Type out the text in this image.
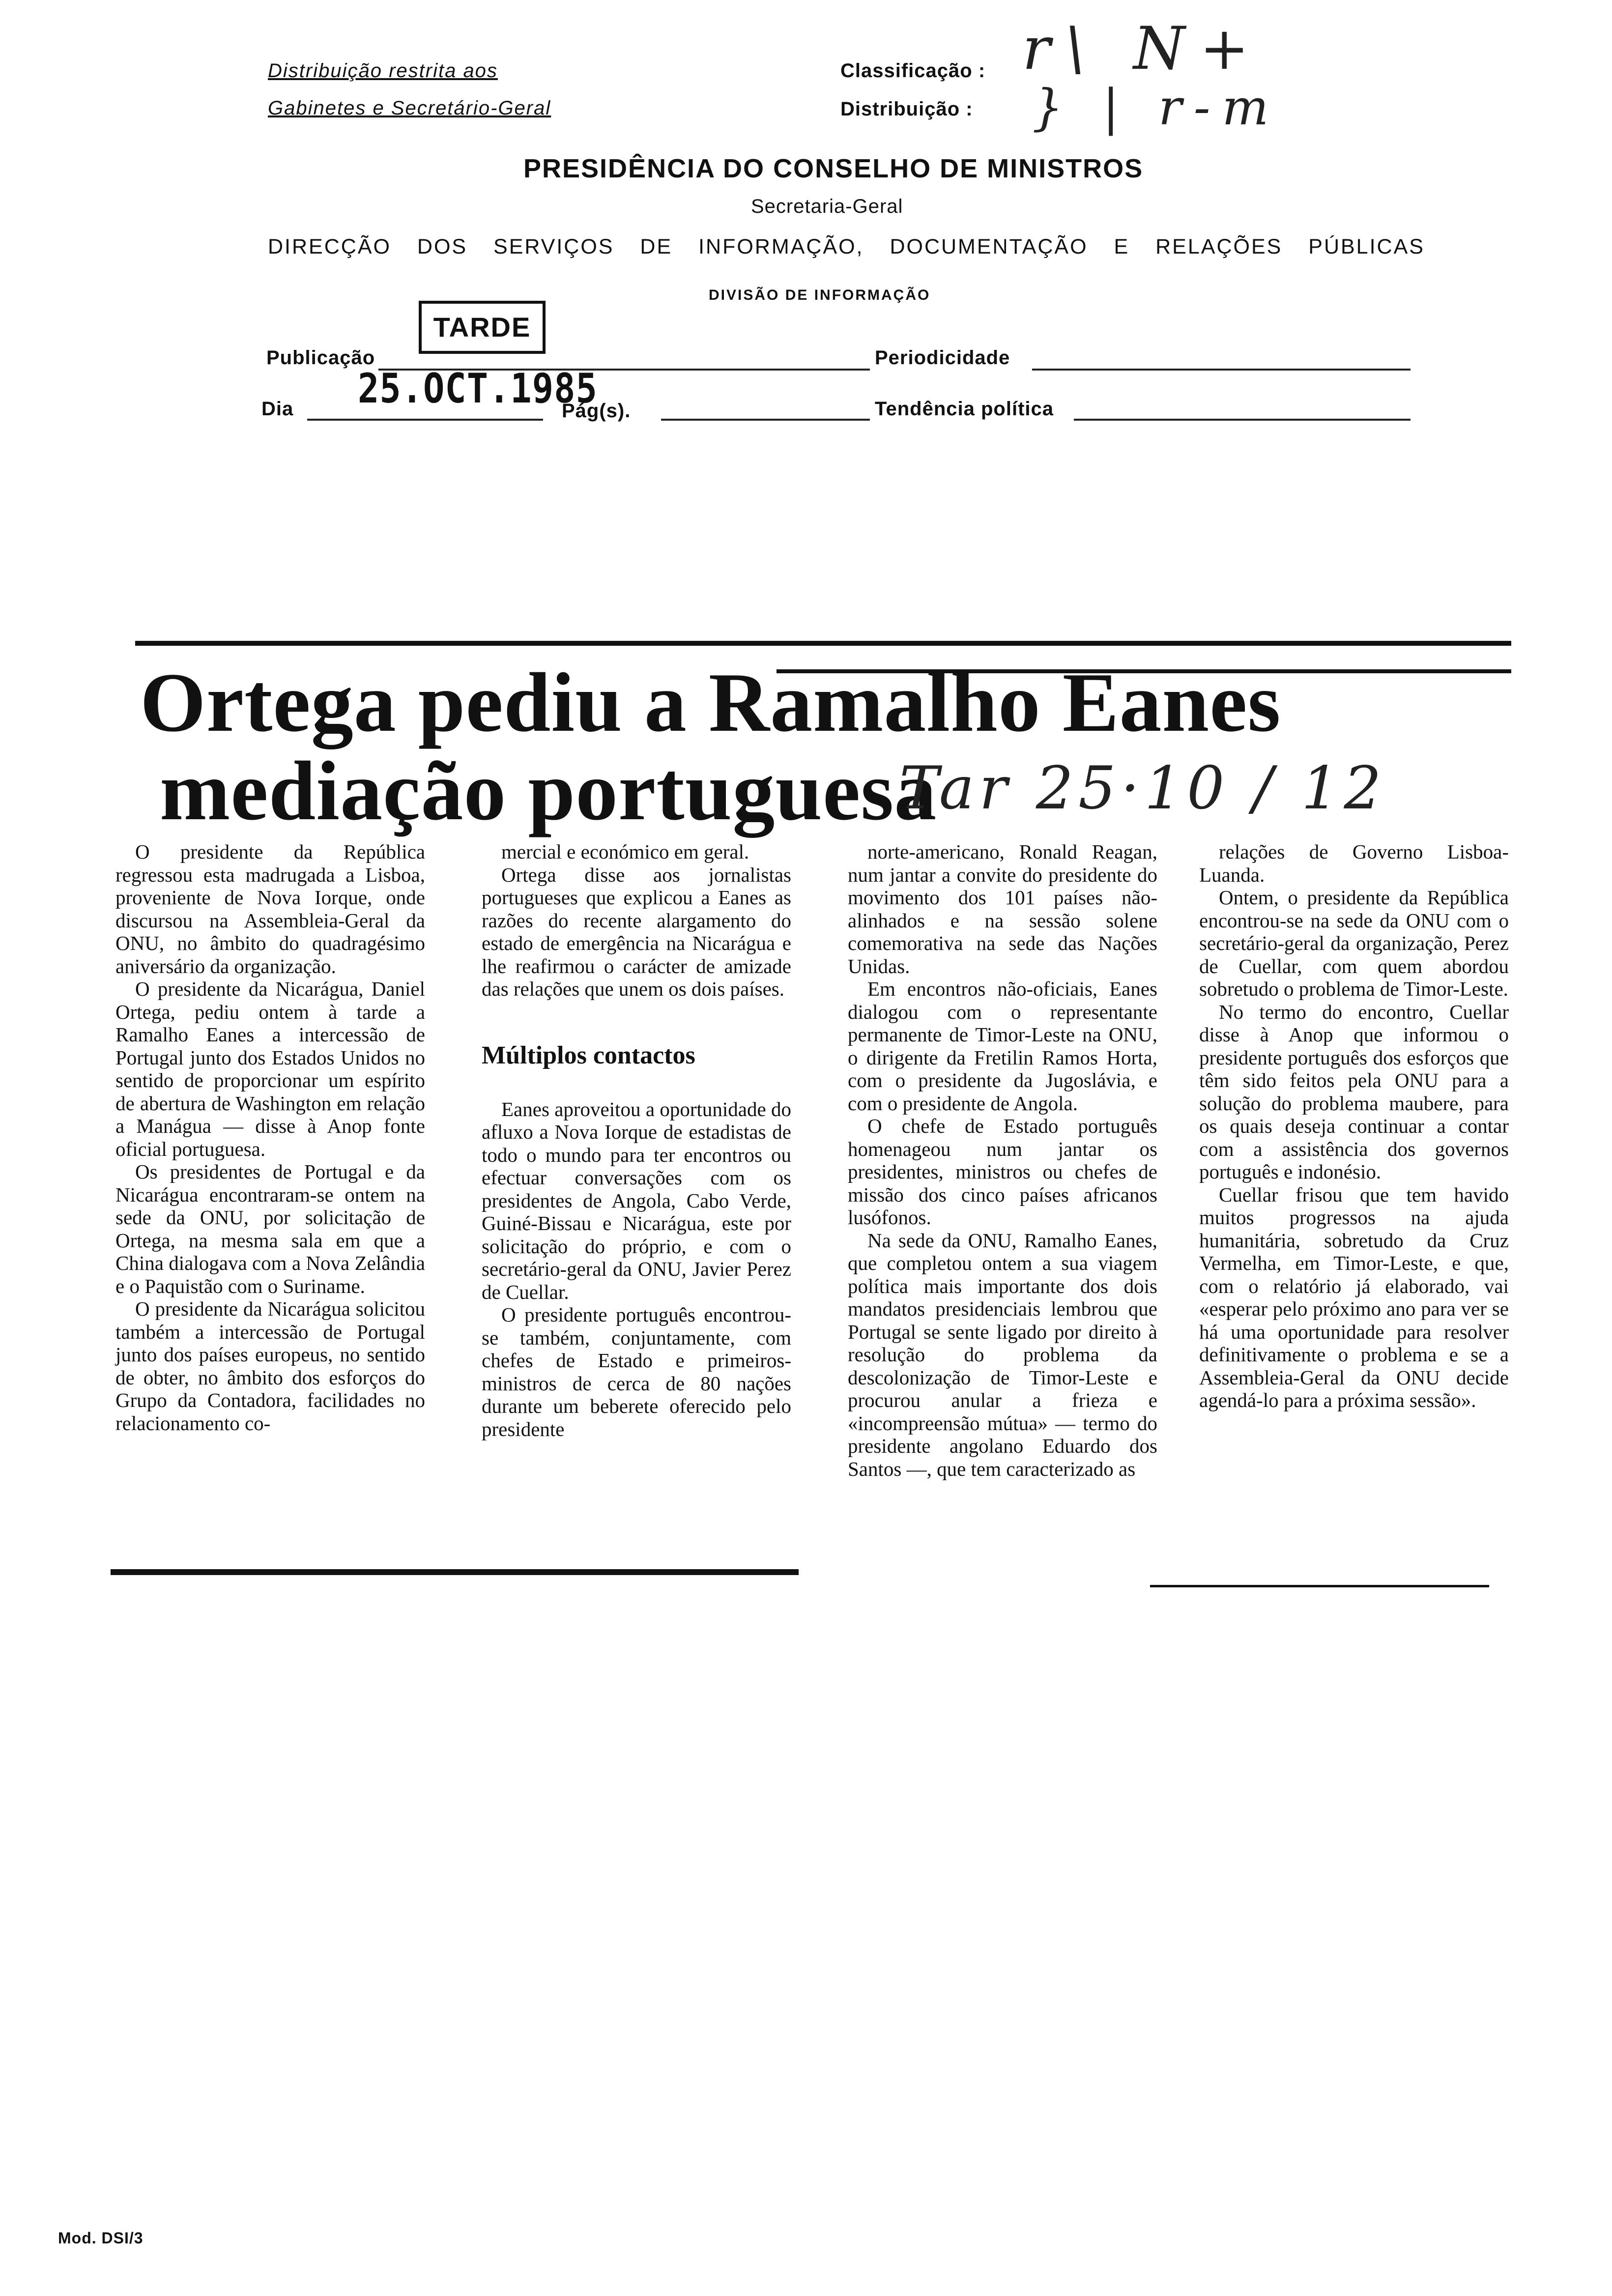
Distribuição restrita aos
Gabinetes e Secretário-Geral
Classificação :
Distribuição :
r\ N+
} | r-m
PRESIDÊNCIA DO CONSELHO DE MINISTROS
Secretaria-Geral
DIRECÇÃO DOS SERVIÇOS DE INFORMAÇÃO, DOCUMENTAÇÃO E RELAÇÕES PÚBLICAS
DIVISÃO DE INFORMAÇÃO
Publicação
TARDE
Periodicidade
Dia 25.OCT.1985
Pág(s).	Tendência política
Ortega pediu a Ramalho Eanes
mediação portuguesa
Tar 25·10 / 12

O presidente da República regressou esta madrugada a Lisboa, proveniente de Nova Iorque, onde discursou na Assembleia-Geral da ONU, no âmbito do quadragésimo aniversário da organização.

O presidente da Nicarágua, Daniel Ortega, pediu ontem à tarde a Ramalho Eanes a intercessão de Portugal junto dos Estados Unidos no sentido de proporcionar um espírito de abertura de Washington em relação a Manágua — disse à Anop fonte oficial portuguesa.

Os presidentes de Portugal e da Nicarágua encontraram-se ontem na sede da ONU, por solicitação de Ortega, na mesma sala em que a China dialogava com a Nova Zelândia e o Paquistão com o Suriname.

O presidente da Nicarágua solicitou também a intercessão de Portugal junto dos países europeus, no sentido de obter, no âmbito dos esforços do Grupo da Contadora, facilidades no relacionamento co-

mercial e económico em geral.

Ortega disse aos jornalistas portugueses que explicou a Eanes as razões do recente alargamento do estado de emergência na Nicarágua e lhe reafirmou o carácter de amizade das relações que unem os dois países.

Múltiplos contactos

Eanes aproveitou a oportunidade do afluxo a Nova Iorque de estadistas de todo o mundo para ter encontros ou efectuar conversações com os presidentes de Angola, Cabo Verde, Guiné-Bissau e Nicarágua, este por solicitação do próprio, e com o secretário-geral da ONU, Javier Perez de Cuellar.

O presidente português encontrou-se também, conjuntamente, com chefes de Estado e primeiros-ministros de cerca de 80 nações durante um beberete oferecido pelo presidente

norte-americano, Ronald Reagan, num jantar a convite do presidente do movimento dos 101 países não-alinhados e na sessão solene comemorativa na sede das Nações Unidas.

Em encontros não-oficiais, Eanes dialogou com o representante permanente de Timor-Leste na ONU, o dirigente da Fretilin Ramos Horta, com o presidente da Jugoslávia, e com o presidente de Angola.

O chefe de Estado português homenageou num jantar os presidentes, ministros ou chefes de missão dos cinco países africanos lusófonos.

Na sede da ONU, Ramalho Eanes, que completou ontem a sua viagem política mais importante dos dois mandatos presidenciais lembrou que Portugal se sente ligado por direito à resolução do problema da descolonização de Timor-Leste e procurou anular a frieza e «incompreensão mútua» — termo do presidente angolano Eduardo dos Santos —, que tem caracterizado as

relações de Governo Lisboa-Luanda.

Ontem, o presidente da República encontrou-se na sede da ONU com o secretário-geral da organização, Perez de Cuellar, com quem abordou sobretudo o problema de Timor-Leste.

No termo do encontro, Cuellar disse à Anop que informou o presidente português dos esforços que têm sido feitos pela ONU para a solução do problema maubere, para os quais deseja continuar a contar com a assistência dos governos português e indonésio.

Cuellar frisou que tem havido muitos progressos na ajuda humanitária, sobretudo da Cruz Vermelha, em Timor-Leste, e que, com o relatório já elaborado, vai «esperar pelo próximo ano para ver se há uma oportunidade para resolver definitivamente o problema e se a Assembleia-Geral da ONU decide agendá-lo para a próxima sessão».

Mod. DSI/3
